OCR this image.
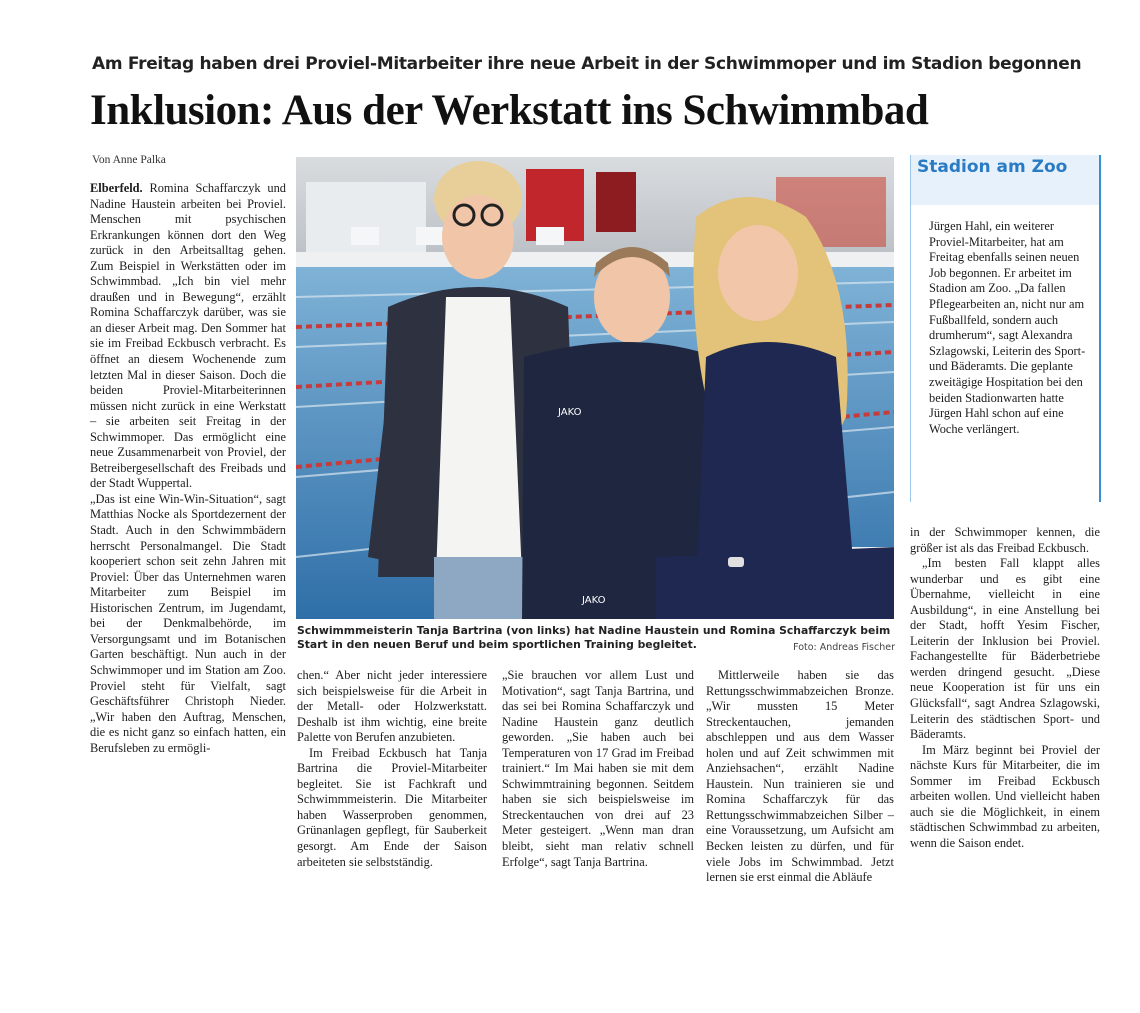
Am Freitag haben drei Proviel-Mitarbeiter ihre neue Arbeit in der Schwimmoper und im Stadion begonnen
Inklusion: Aus der Werkstatt ins Schwimmbad
Von Anne Palka

Elberfeld. Romina Schaffarczyk und Nadine Haustein arbeiten bei Proviel. Menschen mit psychischen Erkrankungen können dort den Weg zurück in den Arbeitsalltag gehen. Zum Beispiel in Werkstätten oder im Schwimmbad. „Ich bin viel mehr draußen und in Bewegung“, erzählt Romina Schaffarczyk darüber, was sie an dieser Arbeit mag. Den Sommer hat sie im Freibad Eckbusch verbracht. Es öffnet an diesem Wochenende zum letzten Mal in dieser Saison. Doch die beiden Proviel-Mitarbeiterinnen müssen nicht zurück in eine Werkstatt – sie arbeiten seit Freitag in der Schwimmoper. Das ermöglicht eine neue Zusammenarbeit von Proviel, der Betreibergesellschaft des Freibads und der Stadt Wuppertal.

„Das ist eine Win-Win-Situation“, sagt Matthias Nocke als Sportdezernent der Stadt. Auch in den Schwimmbädern herrscht Personalmangel. Die Stadt kooperiert schon seit zehn Jahren mit Proviel: Über das Unternehmen waren Mitarbeiter zum Beispiel im Historischen Zentrum, im Jugendamt, bei der Denkmalbehörde, im Versorgungsamt und im Botanischen Garten beschäftigt. Nun auch in der Schwimmoper und im Station am Zoo. Proviel steht für Vielfalt, sagt Geschäftsführer Christoph Nieder. „Wir haben den Auftrag, Menschen, die es nicht ganz so einfach hatten, ein Berufsleben zu ermögli-

JAKO
JAKO
Schwimmmeisterin Tanja Bartrina (von links) hat Nadine Haustein und Romina Schaffarczyk beim Start in den neuen Beruf und beim sportlichen Training begleitet.	Foto: Andreas Fischer
Stadion am Zoo
Jürgen Hahl, ein weiterer Proviel-Mitarbeiter, hat am Freitag ebenfalls seinen neuen Job begonnen. Er arbeitet im Stadion am Zoo. „Da fallen Pflegearbeiten an, nicht nur am Fußballfeld, sondern auch drumherum“, sagt Alexandra Szlagowski, Leiterin des Sport- und Bäderamts. Die geplante zweitägige Hospitation bei den beiden Stadionwarten hatte Jürgen Hahl schon auf eine Woche verlängert.

chen.“ Aber nicht jeder interessiere sich beispielsweise für die Arbeit in der Metall- oder Holzwerkstatt. Deshalb ist ihm wichtig, eine breite Palette von Berufen anzubieten.

Im Freibad Eckbusch hat Tanja Bartrina die Proviel-Mitarbeiter begleitet. Sie ist Fachkraft und Schwimmmeisterin. Die Mitarbeiter haben Wasserproben genommen, Grünanlagen gepflegt, für Sauberkeit gesorgt. Am Ende der Saison arbeiteten sie selbstständig.

„Sie brauchen vor allem Lust und Motivation“, sagt Tanja Bartrina, und das sei bei Romina Schaffarczyk und Nadine Haustein ganz deutlich geworden. „Sie haben auch bei Temperaturen von 17 Grad im Freibad trainiert.“ Im Mai haben sie mit dem Schwimmtraining begonnen. Seitdem haben sie sich beispielsweise im Streckentauchen von drei auf 23 Meter gesteigert. „Wenn man dran bleibt, sieht man relativ schnell Erfolge“, sagt Tanja Bartrina.

Mittlerweile haben sie das Rettungsschwimmabzeichen Bronze. „Wir mussten 15 Meter Streckentauchen, jemanden abschleppen und aus dem Wasser holen und auf Zeit schwimmen mit Anziehsachen“, erzählt Nadine Haustein. Nun trainieren sie und Romina Schaffarczyk für das Rettungsschwimmabzeichen Silber – eine Voraussetzung, um Aufsicht am Becken leisten zu dürfen, und für viele Jobs im Schwimmbad. Jetzt lernen sie erst einmal die Abläufe

in der Schwimmoper kennen, die größer ist als das Freibad Eckbusch.

„Im besten Fall klappt alles wunderbar und es gibt eine Übernahme, vielleicht in eine Ausbildung“, in eine Anstellung bei der Stadt, hofft Yesim Fischer, Leiterin der Inklusion bei Proviel. Fachangestellte für Bäderbetriebe werden dringend gesucht. „Diese neue Kooperation ist für uns ein Glücksfall“, sagt Andrea Szlagowski, Leiterin des städtischen Sport- und Bäderamts.

Im März beginnt bei Proviel der nächste Kurs für Mitarbeiter, die im Sommer im Freibad Eckbusch arbeiten wollen. Und vielleicht haben auch sie die Möglichkeit, in einem städtischen Schwimmbad zu arbeiten, wenn die Saison endet.
